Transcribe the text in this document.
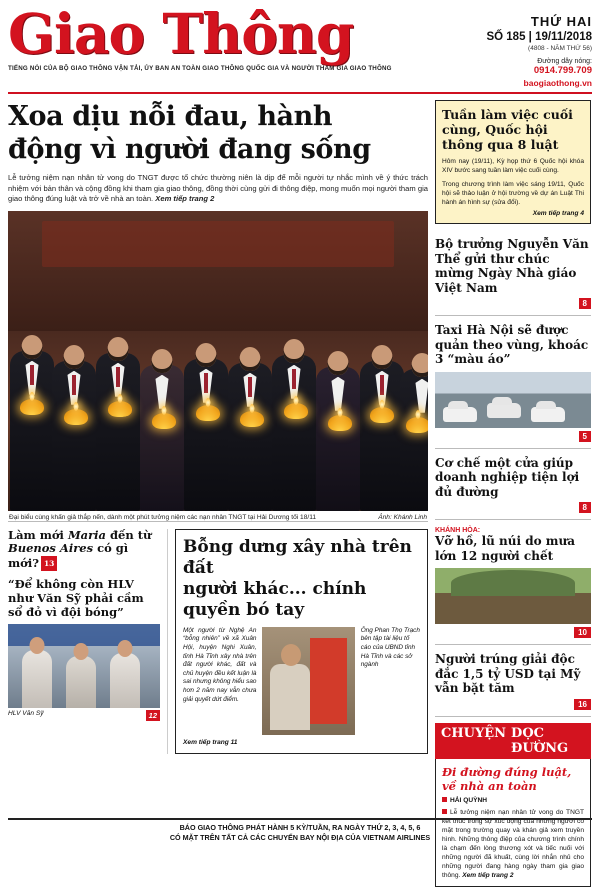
Giao Thông
TIẾNG NÓI CỦA BỘ GIAO THÔNG VẬN TẢI, ỦY BAN AN TOÀN GIAO THÔNG QUỐC GIA VÀ NGƯỜI THAM GIA GIAO THÔNG
THỨ HAI
SỐ 185 | 19/11/2018
(4808 - NĂM THỨ 56)
Đường dây nóng:
0914.799.709
baogiaothong.vn
Xoa dịu nỗi đau, hành
động vì người đang sống
Lễ tưởng niệm nạn nhân tử vong do TNGT được tổ chức thường niên là dịp để mỗi người tự nhắc mình về ý thức trách nhiệm với bản thân và cộng đồng khi tham gia giao thông, đồng thời cùng gửi đi thông điệp, mong muốn mọi người tham gia giao thông đúng luật và trở về nhà an toàn. Xem tiếp trang 2
Đại biểu cùng khấn giả thắp nến, dành một phút tưởng niệm các nạn nhân TNGT tại Hải Dương tối 18/11	Ảnh: Khánh Linh
Làm mới Maria đến từ Buenos Aires có gì mới? 13
“Để không còn HLV như Văn Sỹ phải cầm sổ đỏ vì đội bóng”
HLV Văn Sỹ	12
Bỗng dưng xây nhà trên đất
người khác... chính quyền bó tay
Một người từ Nghệ An “bỗng nhiên” về xã Xuân Hội, huyện Nghi Xuân, tỉnh Hà Tĩnh xây nhà trên đất người khác, đất và chủ huyện đều kết luận là sai nhưng không hiểu sao hơn 2 năm nay vẫn chưa giải quyết dứt điểm.
Ông Phan Thọ Trạch bên tập tài liệu tố cáo của UBND tỉnh Hà Tĩnh và các sở ngành
Xem tiếp trang 11
Tuần làm việc cuối cùng, Quốc hội thông qua 8 luật
Hôm nay (19/11), Kỳ họp thứ 6 Quốc hội khóa XIV bước sang tuần làm việc cuối cùng.
Trong chương trình làm việc sáng 19/11, Quốc hội sẽ thảo luận ở hội trường về dự án Luật Thi hành án hình sự (sửa đổi).
Xem tiếp trang 4
Bộ trưởng Nguyễn Văn Thể gửi thư chúc mừng Ngày Nhà giáo Việt Nam
8
Taxi Hà Nội sẽ được quản theo vùng, khoác 3 “màu áo”
5
Cơ chế một cửa giúp doanh nghiệp tiện lợi đủ đường
8
KHÁNH HÒA:
Vỡ hồ, lũ núi do mưa lớn 12 người chết
10
Người trúng giải độc đắc 1,5 tỷ USD tại Mỹ vẫn bặt tăm
16
CHUYỆN DỌC ĐƯỜNG
Đi đường đúng luật, về nhà an toàn
HẢI QUỲNH
Lễ tưởng niệm nạn nhân tử vong do TNGT kết thúc trong sự xúc động của những người có mặt trong trường quay và khán giả xem truyền hình. Những thông điệp của chương trình chính là chạm đến lòng thương xót và tiếc nuối với những người đã khuất, cùng lời nhắn nhủ cho những người đang hàng ngày tham gia giao thông. Xem tiếp trang 2
BÁO GIAO THÔNG PHÁT HÀNH 5 KỲ/TUẦN, RA NGÀY THỨ 2, 3, 4, 5, 6
CÓ MẶT TRÊN TẤT CẢ CÁC CHUYẾN BAY NỘI ĐỊA CỦA VIETNAM AIRLINES
